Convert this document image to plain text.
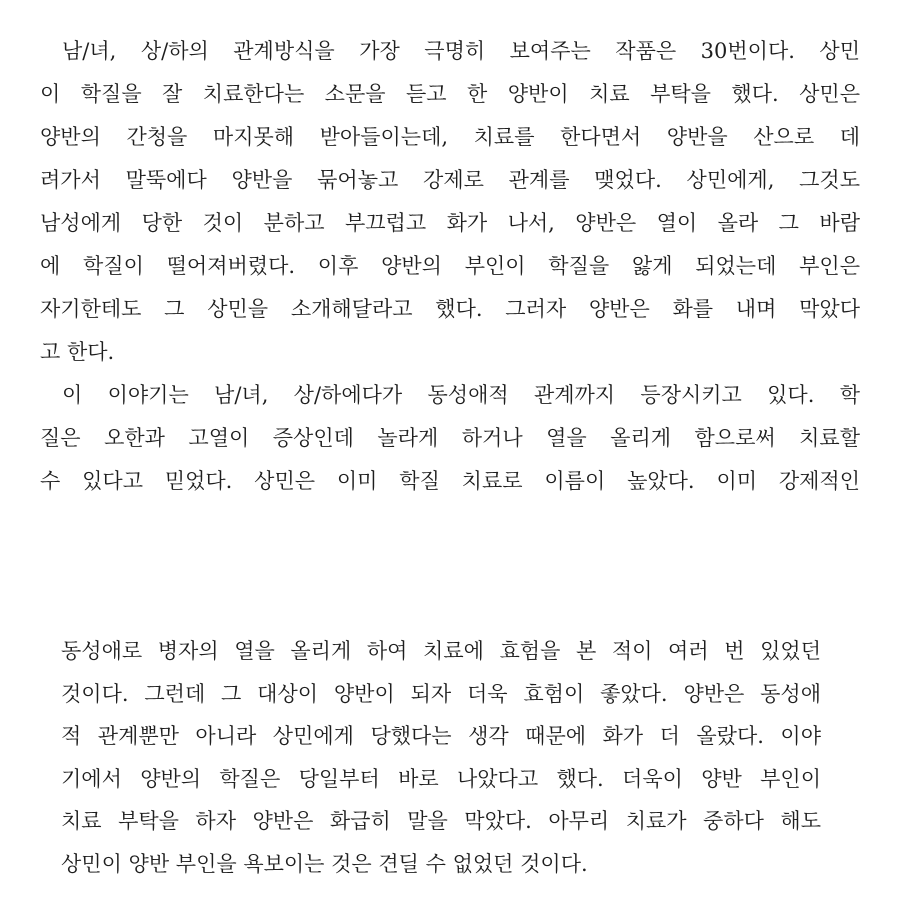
남/녀, 상/하의 관계방식을 가장 극명히 보여주는 작품은 30번이다. 상민
이 학질을 잘 치료한다는 소문을 듣고 한 양반이 치료 부탁을 했다. 상민은
양반의 간청을 마지못해 받아들이는데, 치료를 한다면서 양반을 산으로 데
려가서 말뚝에다 양반을 묶어놓고 강제로 관계를 맺었다. 상민에게, 그것도
남성에게 당한 것이 분하고 부끄럽고 화가 나서, 양반은 열이 올라 그 바람
에 학질이 떨어져버렸다. 이후 양반의 부인이 학질을 앓게 되었는데 부인은
자기한테도 그 상민을 소개해달라고 했다. 그러자 양반은 화를 내며 막았다
고 한다.
이 이야기는 남/녀, 상/하에다가 동성애적 관계까지 등장시키고 있다. 학
질은 오한과 고열이 증상인데 놀라게 하거나 열을 올리게 함으로써 치료할
수 있다고 믿었다. 상민은 이미 학질 치료로 이름이 높았다. 이미 강제적인
동성애로 병자의 열을 올리게 하여 치료에 효험을 본 적이 여러 번 있었던
것이다. 그런데 그 대상이 양반이 되자 더욱 효험이 좋았다. 양반은 동성애
적 관계뿐만 아니라 상민에게 당했다는 생각 때문에 화가 더 올랐다. 이야
기에서 양반의 학질은 당일부터 바로 나았다고 했다. 더욱이 양반 부인이
치료 부탁을 하자 양반은 화급히 말을 막았다. 아무리 치료가 중하다 해도
상민이 양반 부인을 욕보이는 것은 견딜 수 없었던 것이다.
